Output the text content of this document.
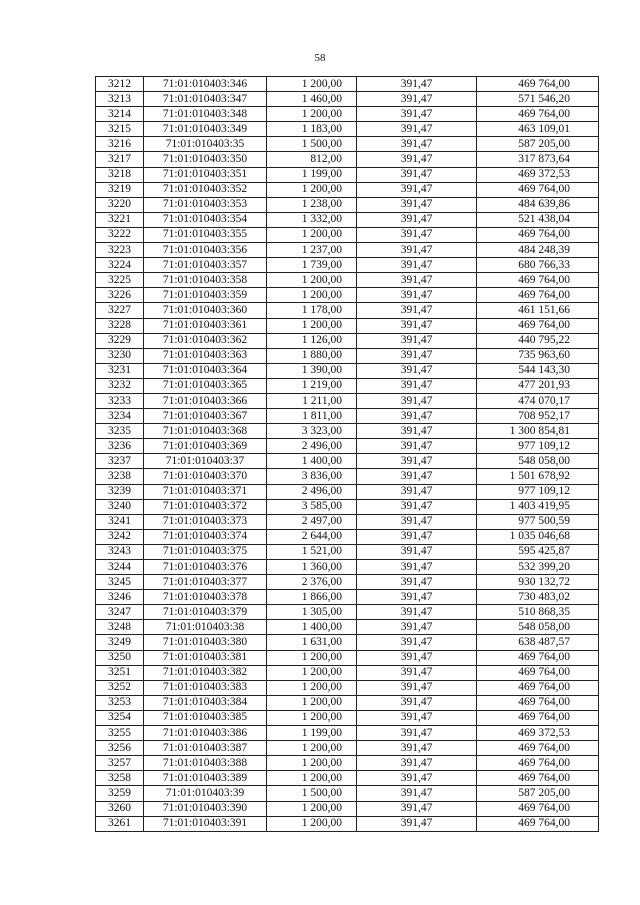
58
3212	71:01:010403:346	1 200,00	391,47	469 764,00
3213	71:01:010403:347	1 460,00	391,47	571 546,20
3214	71:01:010403:348	1 200,00	391,47	469 764,00
3215	71:01:010403:349	1 183,00	391,47	463 109,01
3216	71:01:010403:35	1 500,00	391,47	587 205,00
3217	71:01:010403:350	812,00	391,47	317 873,64
3218	71:01:010403:351	1 199,00	391,47	469 372,53
3219	71:01:010403:352	1 200,00	391,47	469 764,00
3220	71:01:010403:353	1 238,00	391,47	484 639,86
3221	71:01:010403:354	1 332,00	391,47	521 438,04
3222	71:01:010403:355	1 200,00	391,47	469 764,00
3223	71:01:010403:356	1 237,00	391,47	484 248,39
3224	71:01:010403:357	1 739,00	391,47	680 766,33
3225	71:01:010403:358	1 200,00	391,47	469 764,00
3226	71:01:010403:359	1 200,00	391,47	469 764,00
3227	71:01:010403:360	1 178,00	391,47	461 151,66
3228	71:01:010403:361	1 200,00	391,47	469 764,00
3229	71:01:010403:362	1 126,00	391,47	440 795,22
3230	71:01:010403:363	1 880,00	391,47	735 963,60
3231	71:01:010403:364	1 390,00	391,47	544 143,30
3232	71:01:010403:365	1 219,00	391,47	477 201,93
3233	71:01:010403:366	1 211,00	391,47	474 070,17
3234	71:01:010403:367	1 811,00	391,47	708 952,17
3235	71:01:010403:368	3 323,00	391,47	1 300 854,81
3236	71:01:010403:369	2 496,00	391,47	977 109,12
3237	71:01:010403:37	1 400,00	391,47	548 058,00
3238	71:01:010403:370	3 836,00	391,47	1 501 678,92
3239	71:01:010403:371	2 496,00	391,47	977 109,12
3240	71:01:010403:372	3 585,00	391,47	1 403 419,95
3241	71:01:010403:373	2 497,00	391,47	977 500,59
3242	71:01:010403:374	2 644,00	391,47	1 035 046,68
3243	71:01:010403:375	1 521,00	391,47	595 425,87
3244	71:01:010403:376	1 360,00	391,47	532 399,20
3245	71:01:010403:377	2 376,00	391,47	930 132,72
3246	71:01:010403:378	1 866,00	391,47	730 483,02
3247	71:01:010403:379	1 305,00	391,47	510 868,35
3248	71:01:010403:38	1 400,00	391,47	548 058,00
3249	71:01:010403:380	1 631,00	391,47	638 487,57
3250	71:01:010403:381	1 200,00	391,47	469 764,00
3251	71:01:010403:382	1 200,00	391,47	469 764,00
3252	71:01:010403:383	1 200,00	391,47	469 764,00
3253	71:01:010403:384	1 200,00	391,47	469 764,00
3254	71:01:010403:385	1 200,00	391,47	469 764,00
3255	71:01:010403:386	1 199,00	391,47	469 372,53
3256	71:01:010403:387	1 200,00	391,47	469 764,00
3257	71:01:010403:388	1 200,00	391,47	469 764,00
3258	71:01:010403:389	1 200,00	391,47	469 764,00
3259	71:01:010403:39	1 500,00	391,47	587 205,00
3260	71:01:010403:390	1 200,00	391,47	469 764,00
3261	71:01:010403:391	1 200,00	391,47	469 764,00
